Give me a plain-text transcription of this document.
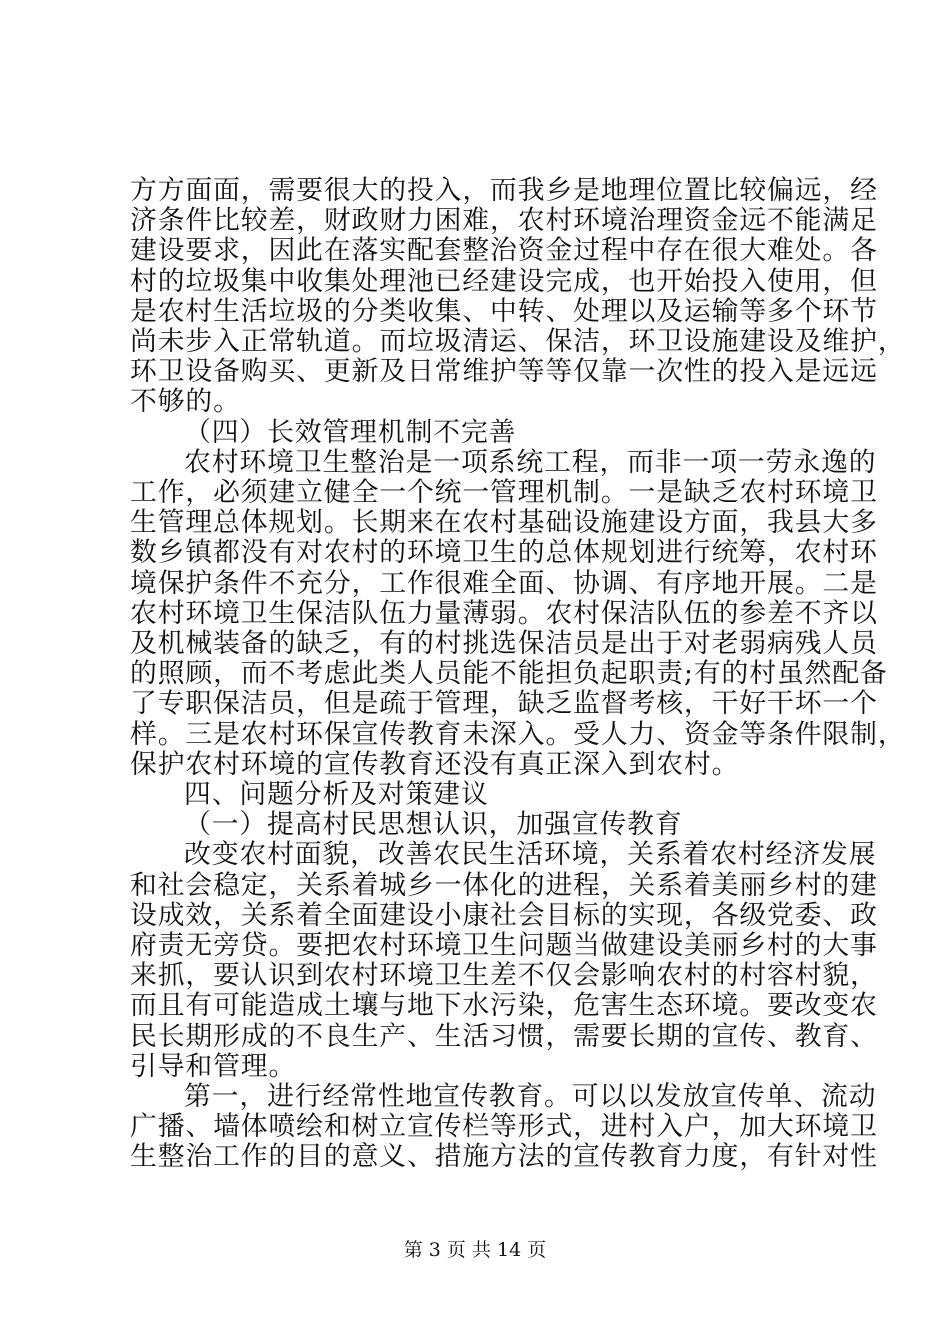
方方面面，需要很大的投入，而我乡是地理位置比较偏远，经
济条件比较差，财政财力困难，农村环境治理资金远不能满足
建设要求，因此在落实配套整治资金过程中存在很大难处。各
村的垃圾集中收集处理池已经建设完成，也开始投入使用，但
是农村生活垃圾的分类收集、中转、处理以及运输等多个环节
尚未步入正常轨道。而垃圾清运、保洁，环卫设施建设及维护，
环卫设备购买、更新及日常维护等等仅靠一次性的投入是远远
不够的。
（四）长效管理机制不完善
农村环境卫生整治是一项系统工程，而非一项一劳永逸的
工作，必须建立健全一个统一管理机制。一是缺乏农村环境卫
生管理总体规划。长期来在农村基础设施建设方面，我县大多
数乡镇都没有对农村的环境卫生的总体规划进行统筹，农村环
境保护条件不充分，工作很难全面、协调、有序地开展。二是
农村环境卫生保洁队伍力量薄弱。农村保洁队伍的参差不齐以
及机械装备的缺乏，有的村挑选保洁员是出于对老弱病残人员
的照顾，而不考虑此类人员能不能担负起职责;有的村虽然配备
了专职保洁员，但是疏于管理，缺乏监督考核，干好干坏一个
样。三是农村环保宣传教育未深入。受人力、资金等条件限制，
保护农村环境的宣传教育还没有真正深入到农村。
四、问题分析及对策建议
（一）提高村民思想认识，加强宣传教育
改变农村面貌，改善农民生活环境，关系着农村经济发展
和社会稳定，关系着城乡一体化的进程，关系着美丽乡村的建
设成效，关系着全面建设小康社会目标的实现，各级党委、政
府责无旁贷。要把农村环境卫生问题当做建设美丽乡村的大事
来抓，要认识到农村环境卫生差不仅会影响农村的村容村貌，
而且有可能造成土壤与地下水污染，危害生态环境。要改变农
民长期形成的不良生产、生活习惯，需要长期的宣传、教育、
引导和管理。
第一，进行经常性地宣传教育。可以以发放宣传单、流动
广播、墙体喷绘和树立宣传栏等形式，进村入户，加大环境卫
生整治工作的目的意义、措施方法的宣传教育力度，有针对性
第 3 页 共 14 页
